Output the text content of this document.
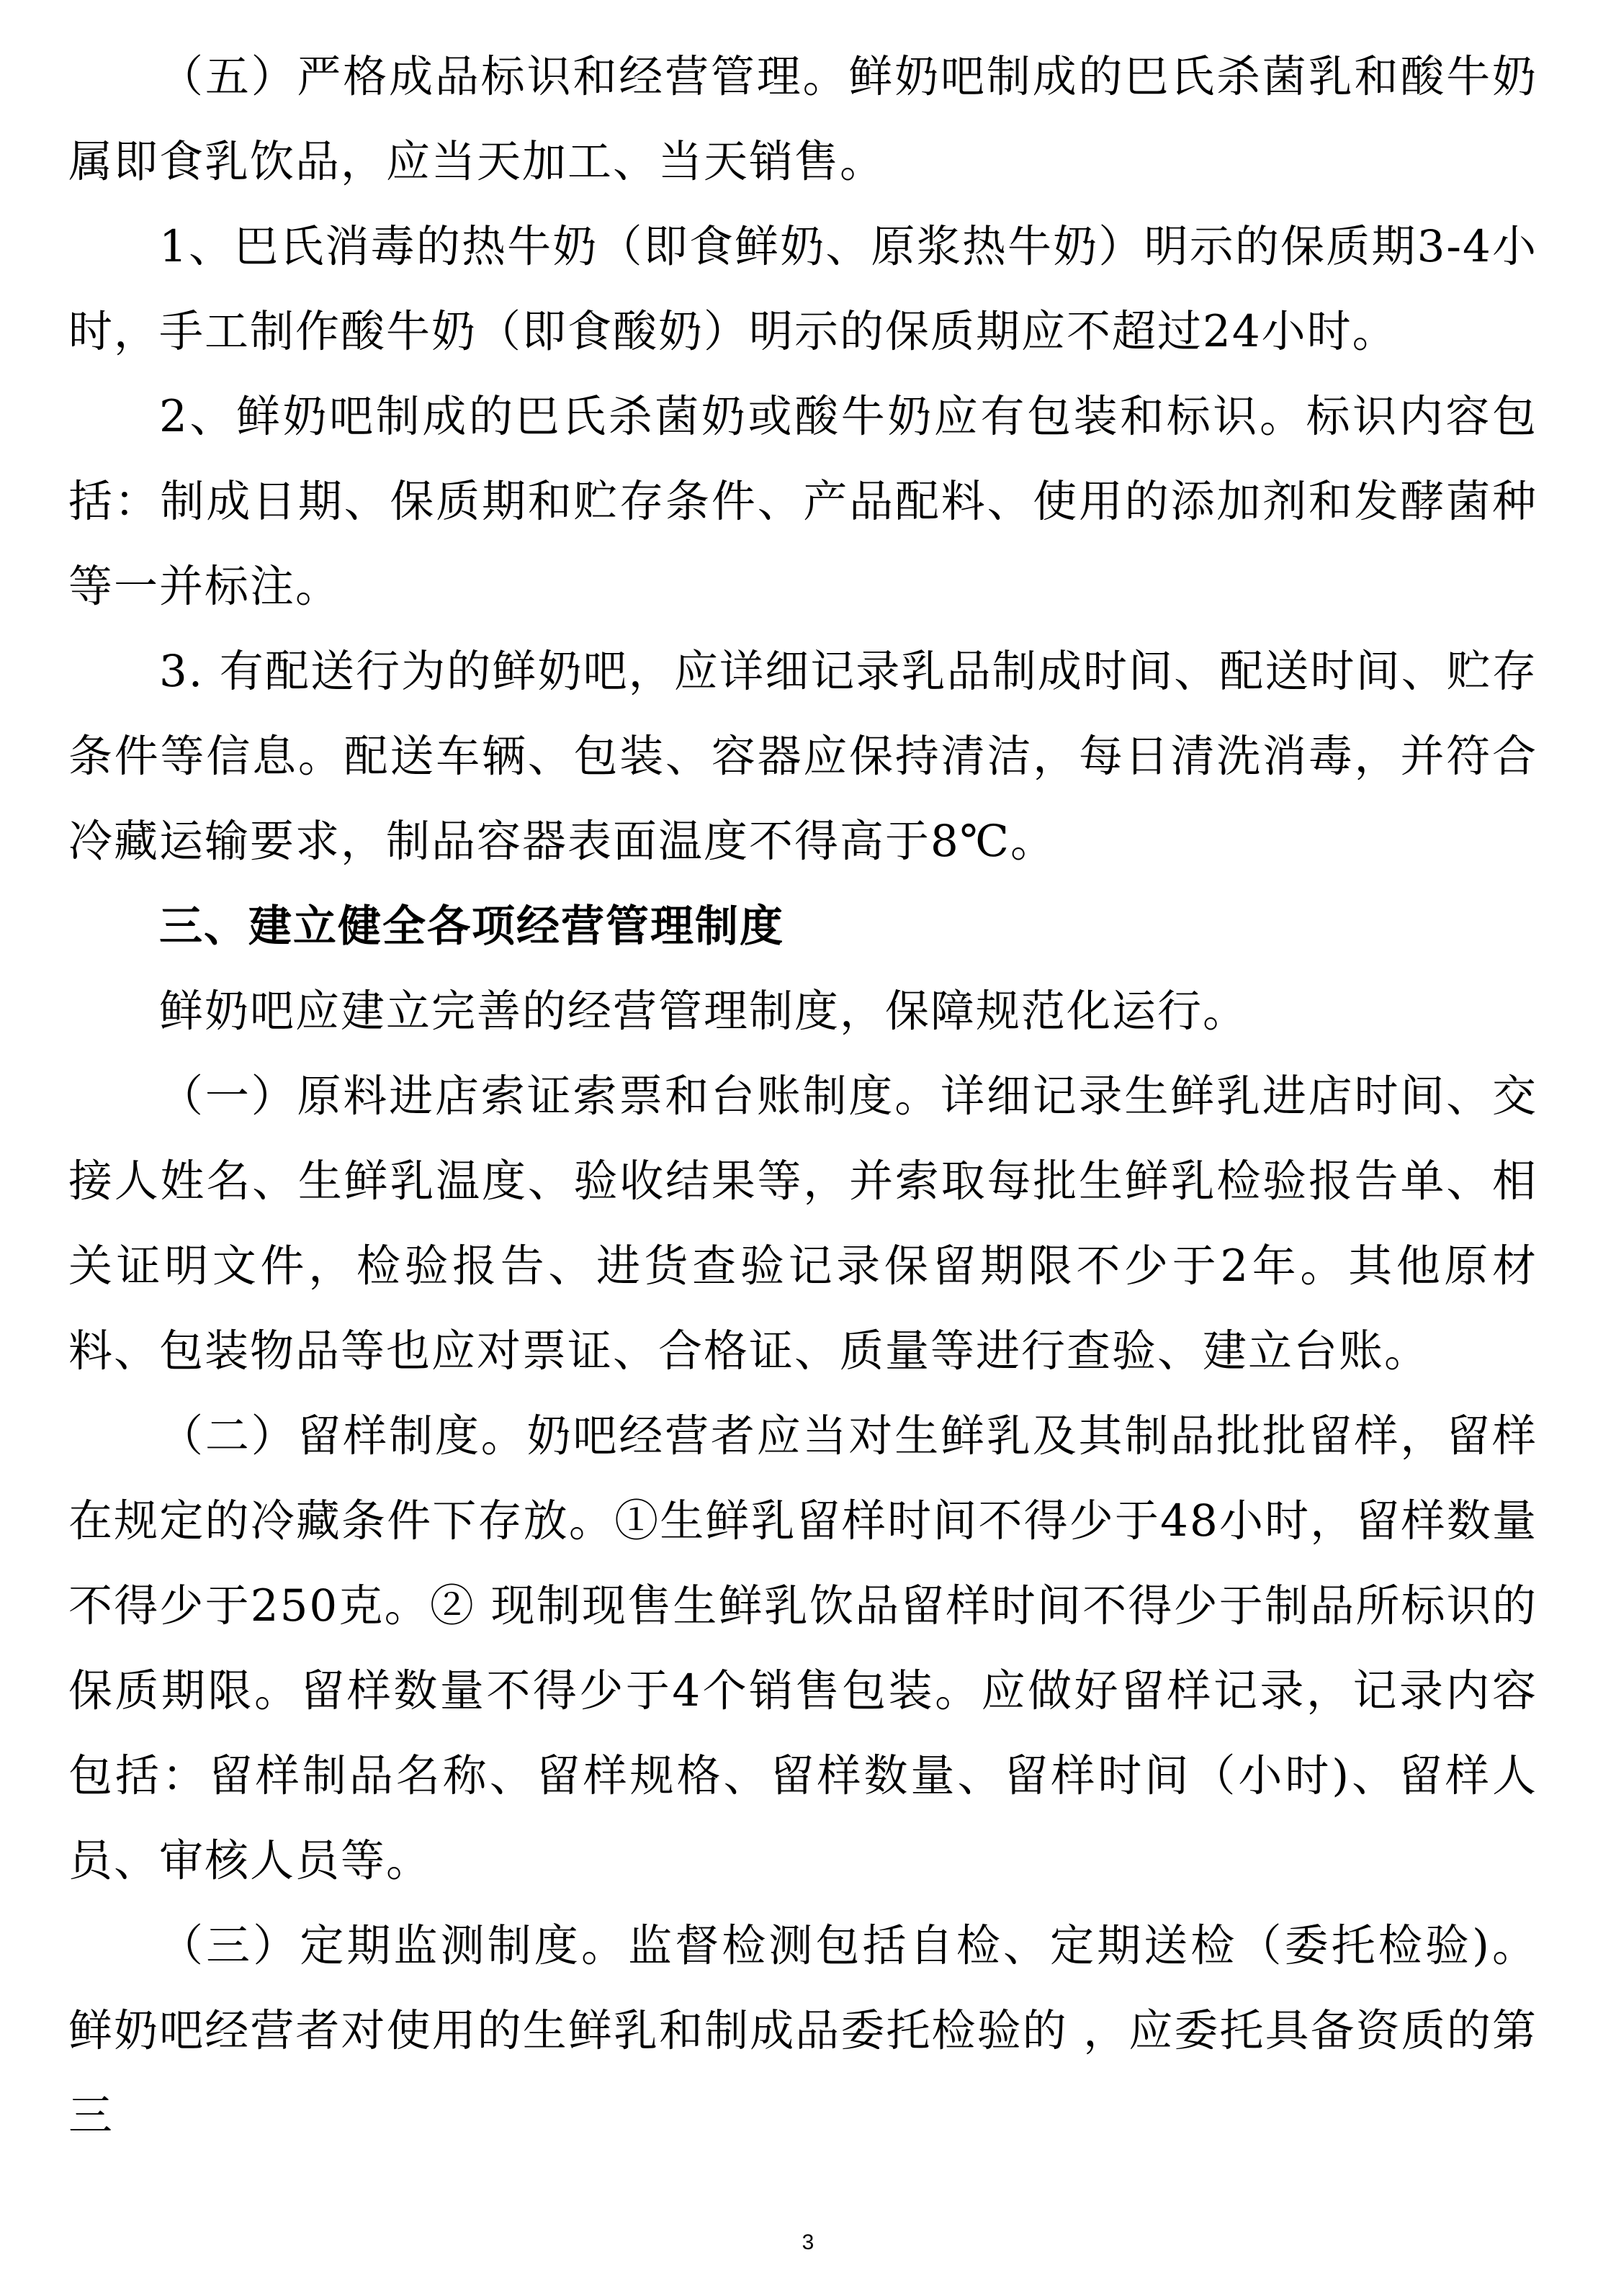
（五）严格成品标识和经营管理。鲜奶吧制成的巴氏杀菌乳和酸牛奶属即食乳饮品，应当天加工、当天销售。

1、巴氏消毒的热牛奶（即食鲜奶、原浆热牛奶）明示的保质期3-4小时，手工制作酸牛奶（即食酸奶）明示的保质期应不超过24小时。

2、鲜奶吧制成的巴氏杀菌奶或酸牛奶应有包装和标识。标识内容包括：制成日期、保质期和贮存条件、产品配料、使用的添加剂和发酵菌种等一并标注。

3. 有配送行为的鲜奶吧，应详细记录乳品制成时间、配送时间、贮存条件等信息。配送车辆、包装、容器应保持清洁，每日清洗消毒，并符合冷藏运输要求，制品容器表面温度不得高于8℃。

三、建立健全各项经营管理制度

鲜奶吧应建立完善的经营管理制度，保障规范化运行。

（一）原料进店索证索票和台账制度。详细记录生鲜乳进店时间、交接人姓名、生鲜乳温度、验收结果等，并索取每批生鲜乳检验报告单、相关证明文件，检验报告、进货查验记录保留期限不少于2年。其他原材料、包装物品等也应对票证、合格证、质量等进行查验、建立台账。

（二）留样制度。奶吧经营者应当对生鲜乳及其制品批批留样，留样在规定的冷藏条件下存放。①生鲜乳留样时间不得少于48小时，留样数量不得少于250克。② 现制现售生鲜乳饮品留样时间不得少于制品所标识的保质期限。留样数量不得少于4个销售包装。应做好留样记录，记录内容包括：留样制品名称、留样规格、留样数量、留样时间（小时)、留样人员、审核人员等。

（三）定期监测制度。监督检测包括自检、定期送检（委托检验)。鲜奶吧经营者对使用的生鲜乳和制成品委托检验的 ，应委托具备资质的第三

3
